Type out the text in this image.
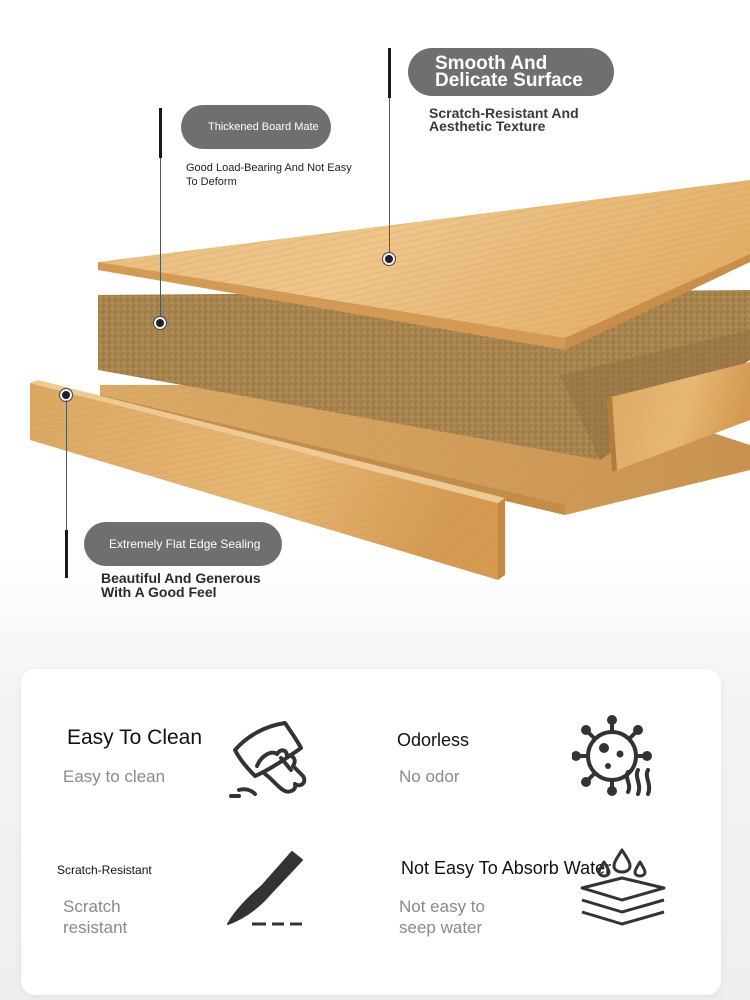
Smooth And Delicate Surface
Scratch-Resistant And Aesthetic Texture
Thickened Board Mate
Good Load-Bearing And Not Easy To Deform
Extremely Flat Edge Sealing
Beautiful And Generous With A Good Feel
Easy To Clean
Easy to clean
Odorless
No odor
Scratch-Resistant
Scratch resistant
Not Easy To Absorb Water
Not easy to seep water
